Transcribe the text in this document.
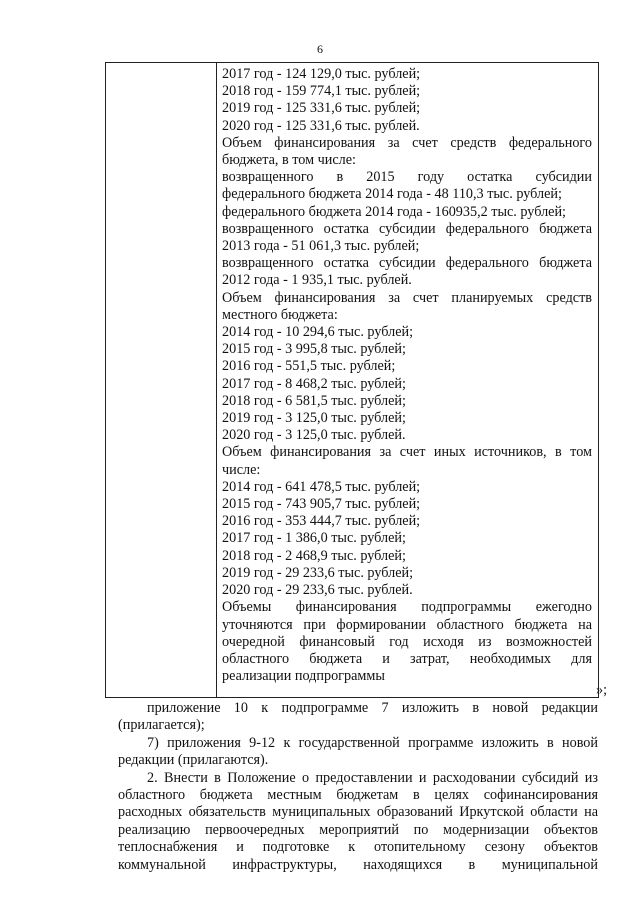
6
2017 год - 124 129,0 тыс. рублей;
2018 год - 159 774,1 тыс. рублей;
2019 год - 125 331,6 тыс. рублей;
2020 год - 125 331,6 тыс. рублей.
Объем финансирования за счет средств федерального
бюджета, в том числе:
возвращенного в 2015 году остатка субсидии
федерального бюджета 2014 года - 48 110,3 тыс. рублей;
федерального бюджета 2014 года - 160935,2 тыс. рублей;
возвращенного остатка субсидии федерального бюджета
2013 года - 51 061,3 тыс. рублей;
возвращенного остатка субсидии федерального бюджета
2012 года - 1 935,1 тыс. рублей.
Объем финансирования за счет планируемых средств
местного бюджета:
2014 год - 10 294,6 тыс. рублей;
2015 год - 3 995,8 тыс. рублей;
2016 год - 551,5 тыс. рублей;
2017 год - 8 468,2 тыс. рублей;
2018 год - 6 581,5 тыс. рублей;
2019 год - 3 125,0 тыс. рублей;
2020 год - 3 125,0 тыс. рублей.
Объем финансирования за счет иных источников, в том
числе:
2014 год - 641 478,5 тыс. рублей;
2015 год - 743 905,7 тыс. рублей;
2016 год - 353 444,7 тыс. рублей;
2017 год - 1 386,0 тыс. рублей;
2018 год - 2 468,9 тыс. рублей;
2019 год - 29 233,6 тыс. рублей;
2020 год - 29 233,6 тыс. рублей.
Объемы финансирования подпрограммы ежегодно
уточняются при формировании областного бюджета на
очередной финансовый год исходя из возможностей
областного бюджета и затрат, необходимых для
реализации подпрограммы
»;
приложение 10 к подпрограмме 7 изложить в новой редакции
(прилагается);
7) приложения 9-12 к государственной программе изложить в новой
редакции (прилагаются).
2. Внести в Положение о предоставлении и расходовании субсидий из
областного бюджета местным бюджетам в целях софинансирования
расходных обязательств муниципальных образований Иркутской области на
реализацию первоочередных мероприятий по модернизации объектов
теплоснабжения и подготовке к отопительному сезону объектов
коммунальной инфраструктуры, находящихся в муниципальной
